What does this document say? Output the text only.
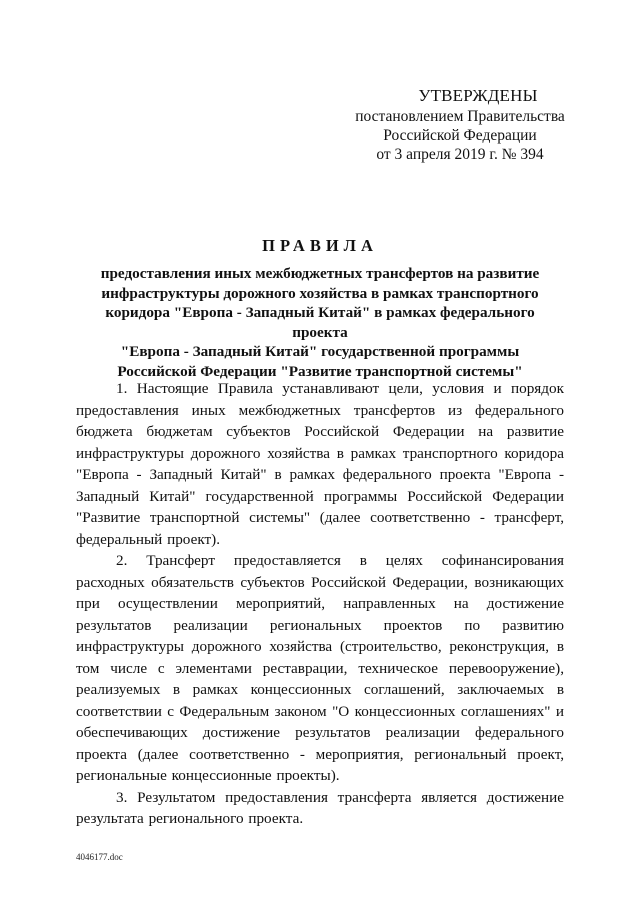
УТВЕРЖДЕНЫ
постановлением Правительства
Российской Федерации
от 3 апреля 2019 г. № 394
ПРАВИЛА
предоставления иных межбюджетных трансфертов на развитие
инфраструктуры дорожного хозяйства в рамках транспортного
коридора "Европа - Западный Китай" в рамках федерального проекта
"Европа - Западный Китай" государственной программы
Российской Федерации "Развитие транспортной системы"

1. Настоящие Правила устанавливают цели, условия и порядок предоставления иных межбюджетных трансфертов из федерального бюджета бюджетам субъектов Российской Федерации на развитие инфраструктуры дорожного хозяйства в рамках транспортного коридора "Европа - Западный Китай" в рамках федерального проекта "Европа - Западный Китай" государственной программы Российской Федерации "Развитие транспортной системы" (далее соответственно - трансферт, федеральный проект).

2. Трансферт предоставляется в целях софинансирования расходных обязательств субъектов Российской Федерации, возникающих при осуществлении мероприятий, направленных на достижение результатов реализации региональных проектов по развитию инфраструктуры дорожного хозяйства (строительство, реконструкция, в том числе с элементами реставрации, техническое перевооружение), реализуемых в рамках концессионных соглашений, заключаемых в соответствии с Федеральным законом "О концессионных соглашениях" и обеспечивающих достижение результатов реализации федерального проекта (далее соответственно - мероприятия, региональный проект, региональные концессионные проекты).

3. Результатом предоставления трансферта является достижение результата регионального проекта.

4046177.doc
